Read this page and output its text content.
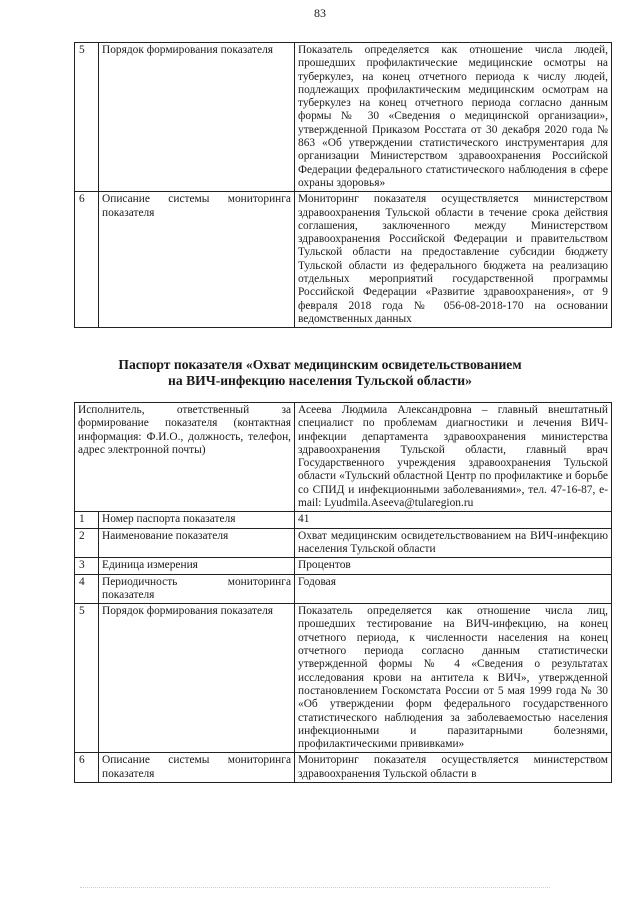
83
5	Порядок формирования показателя	Показатель определяется как отношение числа людей, прошедших профилактические медицинские осмотры на туберкулез, на конец отчетного периода к числу людей, подлежащих профилактическим медицинским осмотрам на туберкулез на конец отчетного периода согласно данным формы № 30 «Сведения о медицинской организации», утвержденной Приказом Росстата от 30 декабря 2020 года № 863 «Об утверждении статистического инструментария для организации Министерством здравоохранения Российской Федерации федерального статистического наблюдения в сфере охраны здоровья»
6	Описание системы мониторинга показателя	Мониторинг показателя осуществляется министерством здравоохранения Тульской области в течение срока действия соглашения, заключенного между Министерством здравоохранения Российской Федерации и правительством Тульской области на предоставление субсидии бюджету Тульской области из федерального бюджета на реализацию отдельных мероприятий государственной программы Российской Федерации «Развитие здравоохранения», от 9 февраля 2018 года № 056-08-2018-170 на основании ведомственных данных
Паспорт показателя «Охват медицинским освидетельствованием
на ВИЧ-инфекцию населения Тульской области»
Исполнитель, ответственный за формирование показателя (контактная информация: Ф.И.О., должность, телефон, адрес электронной почты)		Асеева Людмила Александровна – главный внештатный специалист по проблемам диагностики и лечения ВИЧ-инфекции департамента здравоохранения министерства здравоохранения Тульской области, главный врач Государственного учреждения здравоохранения Тульской области «Тульский областной Центр по профилактике и борьбе со СПИД и инфекционными заболеваниями», тел. 47-16-87, e-mail: Lyudmila.Aseeva@tularegion.ru
1	Номер паспорта показателя	41
2	Наименование показателя	Охват медицинским освидетельствованием на ВИЧ-инфекцию населения Тульской области
3	Единица измерения	Процентов
4	Периодичность мониторинга показателя	Годовая
5	Порядок формирования показателя	Показатель определяется как отношение числа лиц, прошедших тестирование на ВИЧ-инфекцию, на конец отчетного периода, к численности населения на конец отчетного периода согласно данным статистически утвержденной формы № 4 «Сведения о результатах исследования крови на антитела к ВИЧ», утвержденной постановлением Госкомстата России от 5 мая 1999 года № 30 «Об утверждении форм федерального государственного статистического наблюдения за заболеваемостью населения инфекционными и паразитарными болезнями, профилактическими прививками»
6	Описание системы мониторинга показателя	Мониторинг показателя осуществляется министерством здравоохранения Тульской области в
